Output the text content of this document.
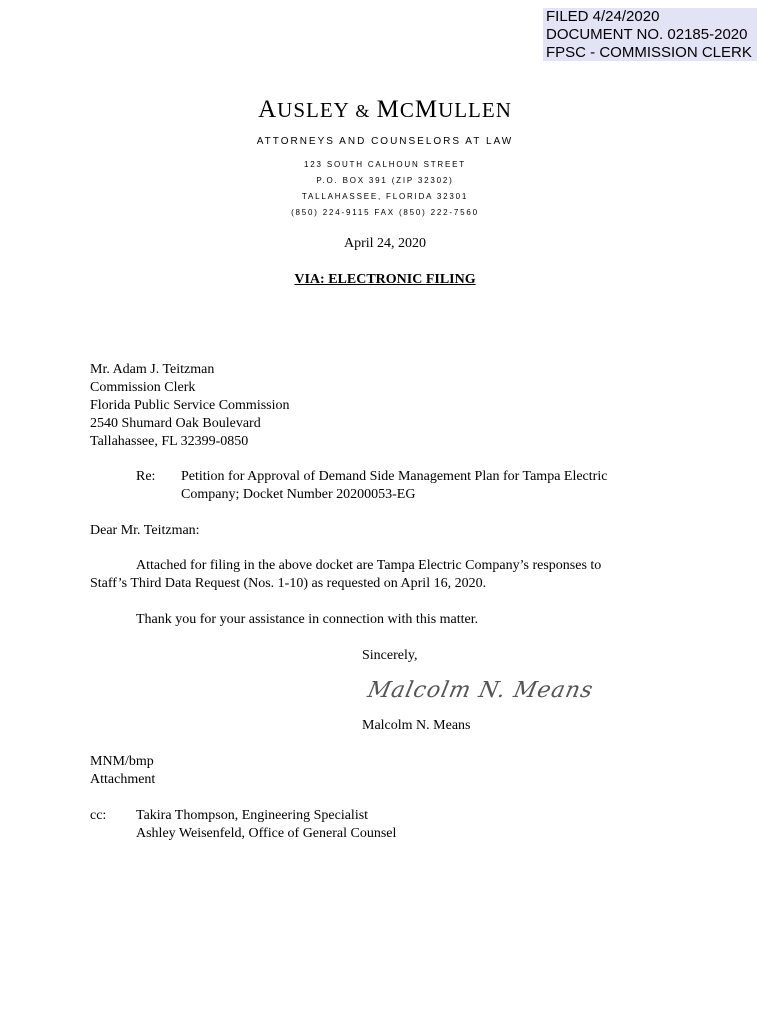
FILED 4/24/2020
DOCUMENT NO. 02185-2020
FPSC - COMMISSION CLERK
AUSLEY & MCMULLEN
ATTORNEYS AND COUNSELORS AT LAW
123 SOUTH CALHOUN STREET
P.O. BOX 391 (ZIP 32302)
TALLAHASSEE, FLORIDA 32301
(850) 224-9115 FAX (850) 222-7560
April 24, 2020
VIA: ELECTRONIC FILING
Mr. Adam J. Teitzman
Commission Clerk
Florida Public Service Commission
2540 Shumard Oak Boulevard
Tallahassee, FL 32399-0850
Re: Petition for Approval of Demand Side Management Plan for Tampa Electric
Company; Docket Number 20200053-EG
Dear Mr. Teitzman:
Attached for filing in the above docket are Tampa Electric Company’s responses to
Staff’s Third Data Request (Nos. 1-10) as requested on April 16, 2020.
Thank you for your assistance in connection with this matter.
Sincerely,
Malcolm N. Means
Malcolm N. Means
MNM/bmp
Attachment
cc: Takira Thompson, Engineering Specialist
Ashley Weisenfeld, Office of General Counsel
